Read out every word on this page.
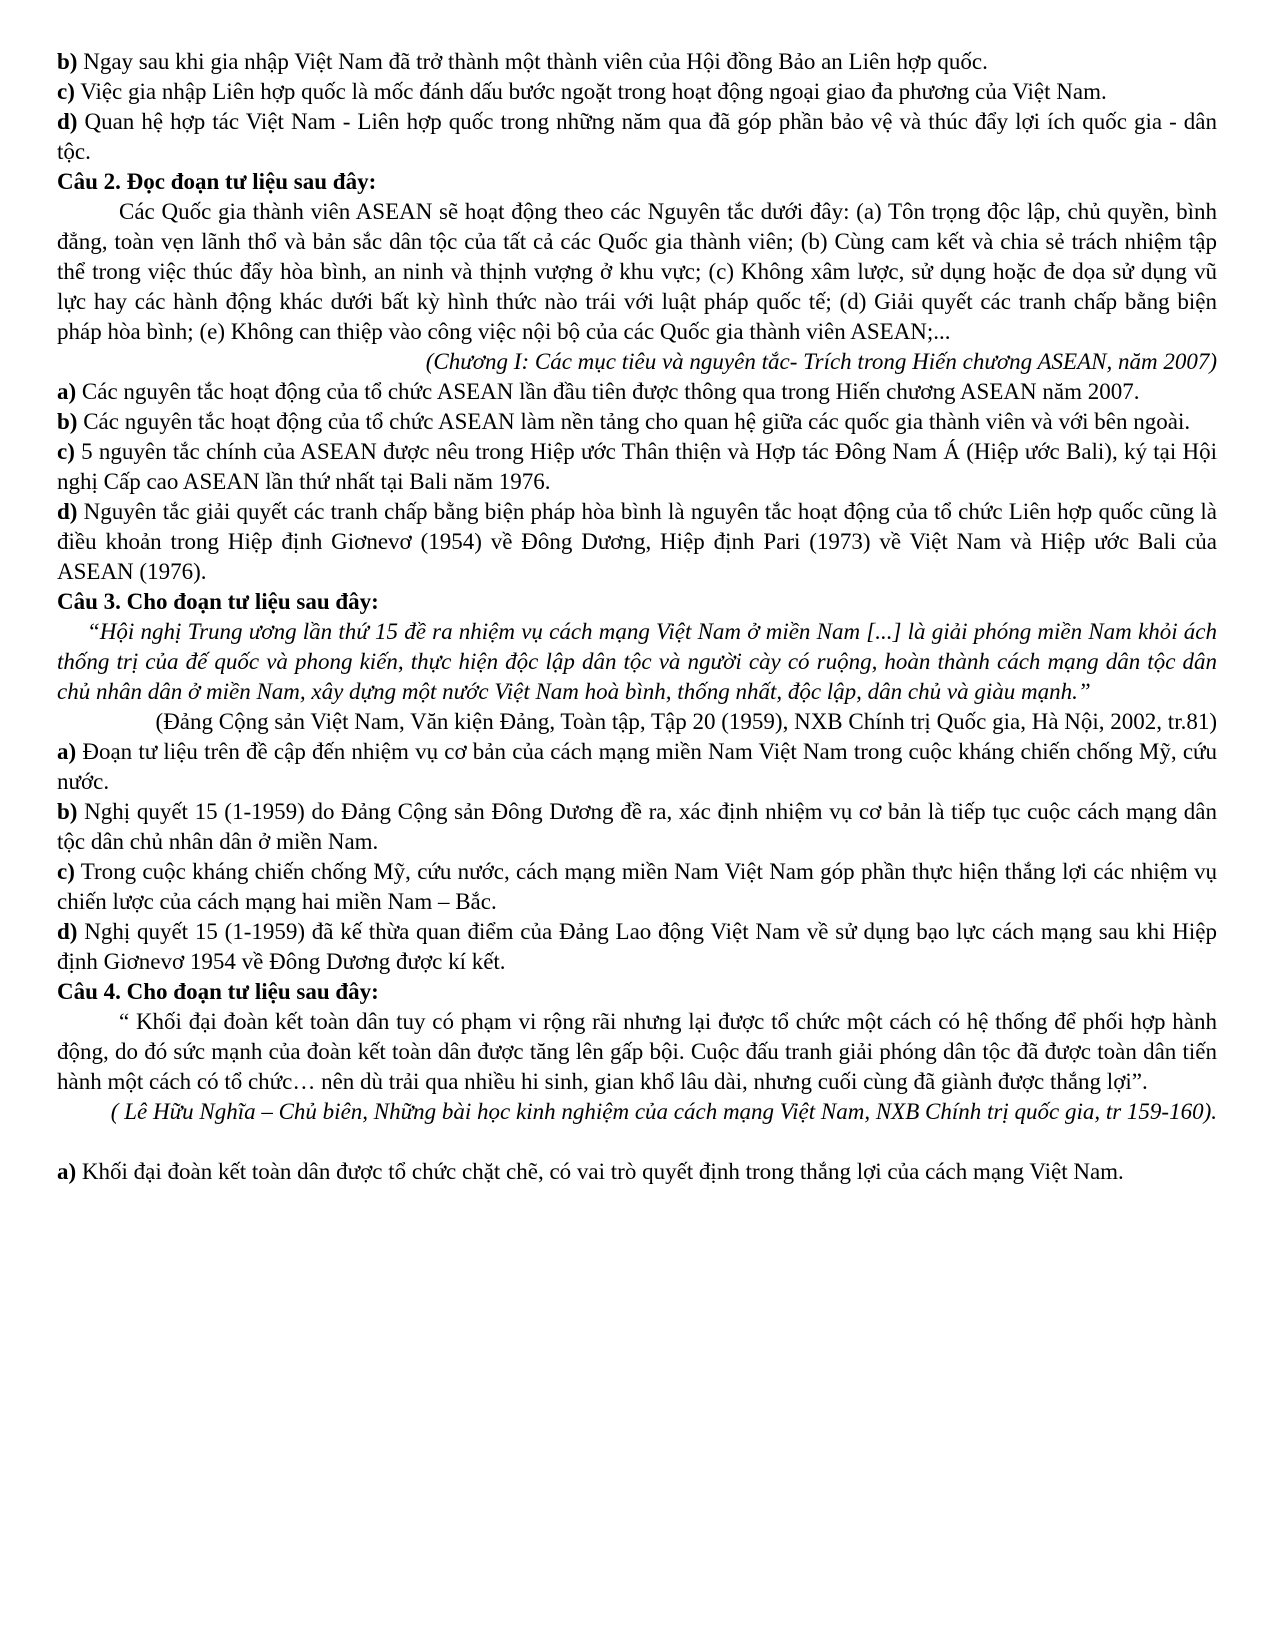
b) Ngay sau khi gia nhập Việt Nam đã trở thành một thành viên của Hội đồng Bảo an Liên hợp quốc.

c) Việc gia nhập Liên hợp quốc là mốc đánh dấu bước ngoặt trong hoạt động ngoại giao đa phương của Việt Nam.

d) Quan hệ hợp tác Việt Nam - Liên hợp quốc trong những năm qua đã góp phần bảo vệ và thúc đẩy lợi ích quốc gia - dân tộc.

Câu 2. Đọc đoạn tư liệu sau đây:

Các Quốc gia thành viên ASEAN sẽ hoạt động theo các Nguyên tắc dưới đây: (a) Tôn trọng độc lập, chủ quyền, bình đẳng, toàn vẹn lãnh thổ và bản sắc dân tộc của tất cả các Quốc gia thành viên; (b) Cùng cam kết và chia sẻ trách nhiệm tập thể trong việc thúc đẩy hòa bình, an ninh và thịnh vượng ở khu vực; (c) Không xâm lược, sử dụng hoặc đe dọa sử dụng vũ lực hay các hành động khác dưới bất kỳ hình thức nào trái với luật pháp quốc tế; (d) Giải quyết các tranh chấp bằng biện pháp hòa bình; (e) Không can thiệp vào công việc nội bộ của các Quốc gia thành viên ASEAN;...

(Chương I: Các mục tiêu và nguyên tắc- Trích trong Hiến chương ASEAN, năm 2007)

a) Các nguyên tắc hoạt động của tổ chức ASEAN lần đầu tiên được thông qua trong Hiến chương ASEAN năm 2007.

b) Các nguyên tắc hoạt động của tổ chức ASEAN làm nền tảng cho quan hệ giữa các quốc gia thành viên và với bên ngoài.

c) 5 nguyên tắc chính của ASEAN được nêu trong Hiệp ước Thân thiện và Hợp tác Đông Nam Á (Hiệp ước Bali), ký tại Hội nghị Cấp cao ASEAN lần thứ nhất tại Bali năm 1976.

d) Nguyên tắc giải quyết các tranh chấp bằng biện pháp hòa bình là nguyên tắc hoạt động của tổ chức Liên hợp quốc cũng là điều khoản trong Hiệp định Giơnevơ (1954) về Đông Dương, Hiệp định Pari (1973) về Việt Nam và Hiệp ước Bali của ASEAN (1976).

Câu 3. Cho đoạn tư liệu sau đây:

“Hội nghị Trung ương lần thứ 15 đề ra nhiệm vụ cách mạng Việt Nam ở miền Nam [...] là giải phóng miền Nam khỏi ách thống trị của đế quốc và phong kiến, thực hiện độc lập dân tộc và người cày có ruộng, hoàn thành cách mạng dân tộc dân chủ nhân dân ở miền Nam, xây dựng một nước Việt Nam hoà bình, thống nhất, độc lập, dân chủ và giàu mạnh.”

(Đảng Cộng sản Việt Nam, Văn kiện Đảng, Toàn tập, Tập 20 (1959), NXB Chính trị Quốc gia, Hà Nội, 2002, tr.81)

a) Đoạn tư liệu trên đề cập đến nhiệm vụ cơ bản của cách mạng miền Nam Việt Nam trong cuộc kháng chiến chống Mỹ, cứu nước.

b) Nghị quyết 15 (1-1959) do Đảng Cộng sản Đông Dương đề ra, xác định nhiệm vụ cơ bản là tiếp tục cuộc cách mạng dân tộc dân chủ nhân dân ở miền Nam.

c) Trong cuộc kháng chiến chống Mỹ, cứu nước, cách mạng miền Nam Việt Nam góp phần thực hiện thắng lợi các nhiệm vụ chiến lược của cách mạng hai miền Nam – Bắc.

d) Nghị quyết 15 (1-1959) đã kế thừa quan điểm của Đảng Lao động Việt Nam về sử dụng bạo lực cách mạng sau khi Hiệp định Giơnevơ 1954 về Đông Dương được kí kết.

Câu 4. Cho đoạn tư liệu sau đây:

“ Khối đại đoàn kết toàn dân tuy có phạm vi rộng rãi nhưng lại được tổ chức một cách có hệ thống để phối hợp hành động, do đó sức mạnh của đoàn kết toàn dân được tăng lên gấp bội. Cuộc đấu tranh giải phóng dân tộc đã được toàn dân tiến hành một cách có tổ chức… nên dù trải qua nhiều hi sinh, gian khổ lâu dài, nhưng cuối cùng đã giành được thắng lợi”.

( Lê Hữu Nghĩa – Chủ biên, Những bài học kinh nghiệm của cách mạng Việt Nam, NXB Chính trị quốc gia, tr 159-160).

a) Khối đại đoàn kết toàn dân được tổ chức chặt chẽ, có vai trò quyết định trong thắng lợi của cách mạng Việt Nam.
